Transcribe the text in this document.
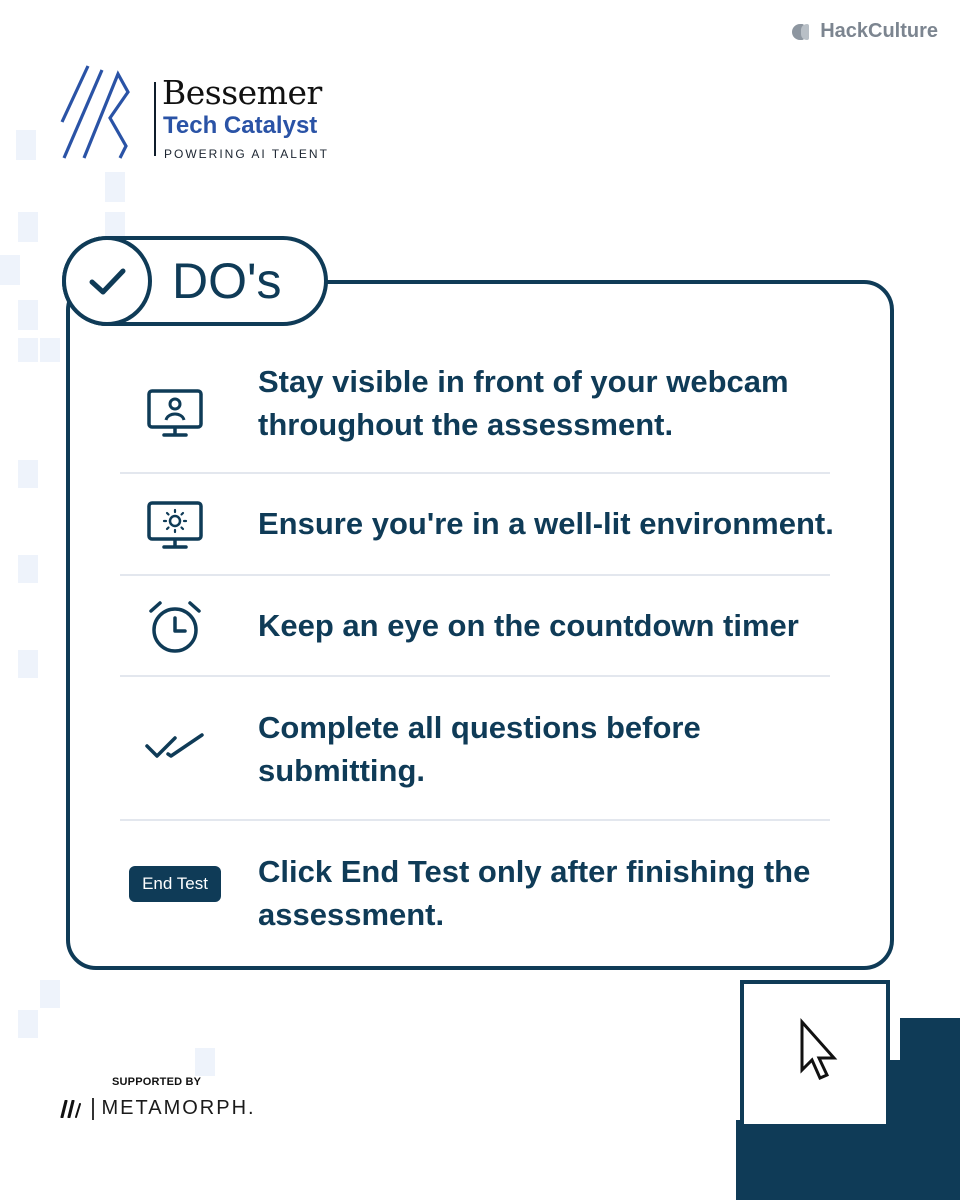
HackCulture
Bessemer
Tech Catalyst
POWERING AI TALENT
DO's
Stay visible in front of your webcam throughout the assessment.
Ensure you're in a well-lit environment.
Keep an eye on the countdown timer
Complete all questions before submitting.
End Test	Click End Test only after finishing the assessment.
SUPPORTED BY
METAMORPH.
